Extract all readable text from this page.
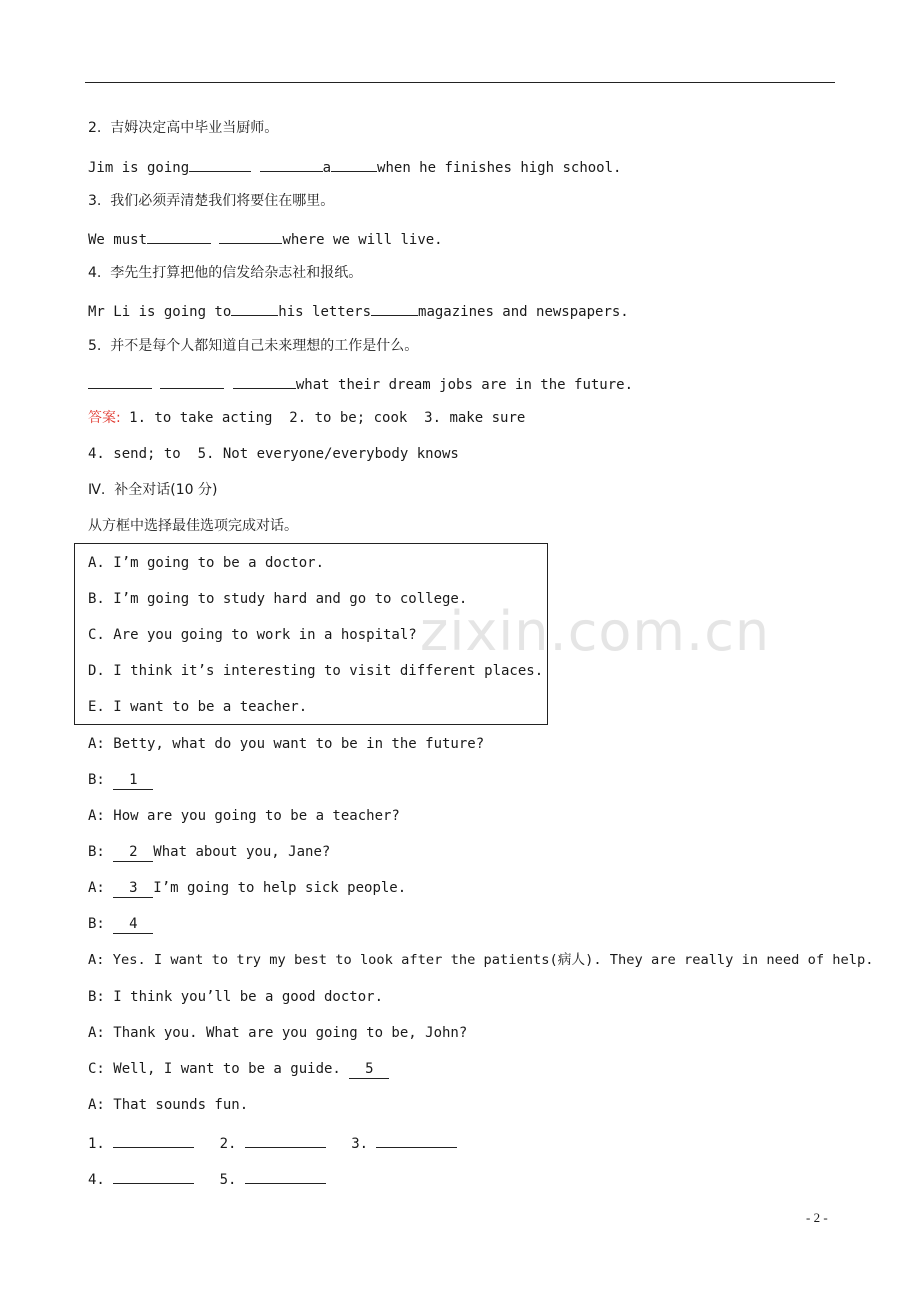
2.  吉姆决定高中毕业当厨师。
Jim is going	a	when he finishes high school.
3.  我们必须弄清楚我们将要住在哪里。
We must	where we will live.
4.  李先生打算把他的信发给杂志社和报纸。
Mr Li is going to	his letters	magazines and newspapers.
5.  并不是每个人都知道自己未来理想的工作是什么。
what their dream jobs are in the future.
答案: 1. to take acting  2. to be; cook  3. make sure
4. send; to  5. Not everyone/everybody knows
Ⅳ.  补全对话(10 分)
从方框中选择最佳选项完成对话。
A. I’m going to be a doctor.
B. I’m going to study hard and go to college.
C. Are you going to work in a hospital?
D. I think it’s interesting to visit different places.
E. I want to be a teacher.
zixin.com.cn
A: Betty, what do you want to be in the future?
B: 1
A: How are you going to be a teacher?
B: 2 What about you, Jane?
A: 3 I’m going to help sick people.
B: 4
A: Yes. I want to try my best to look after the patients(病人). They are really in need of help.
B: I think you’ll be a good doctor.
A: Thank you. What are you going to be, John?
C: Well, I want to be a guide. 5
A: That sounds fun.
1.	2.	3.
4.	5.
- 2 -
